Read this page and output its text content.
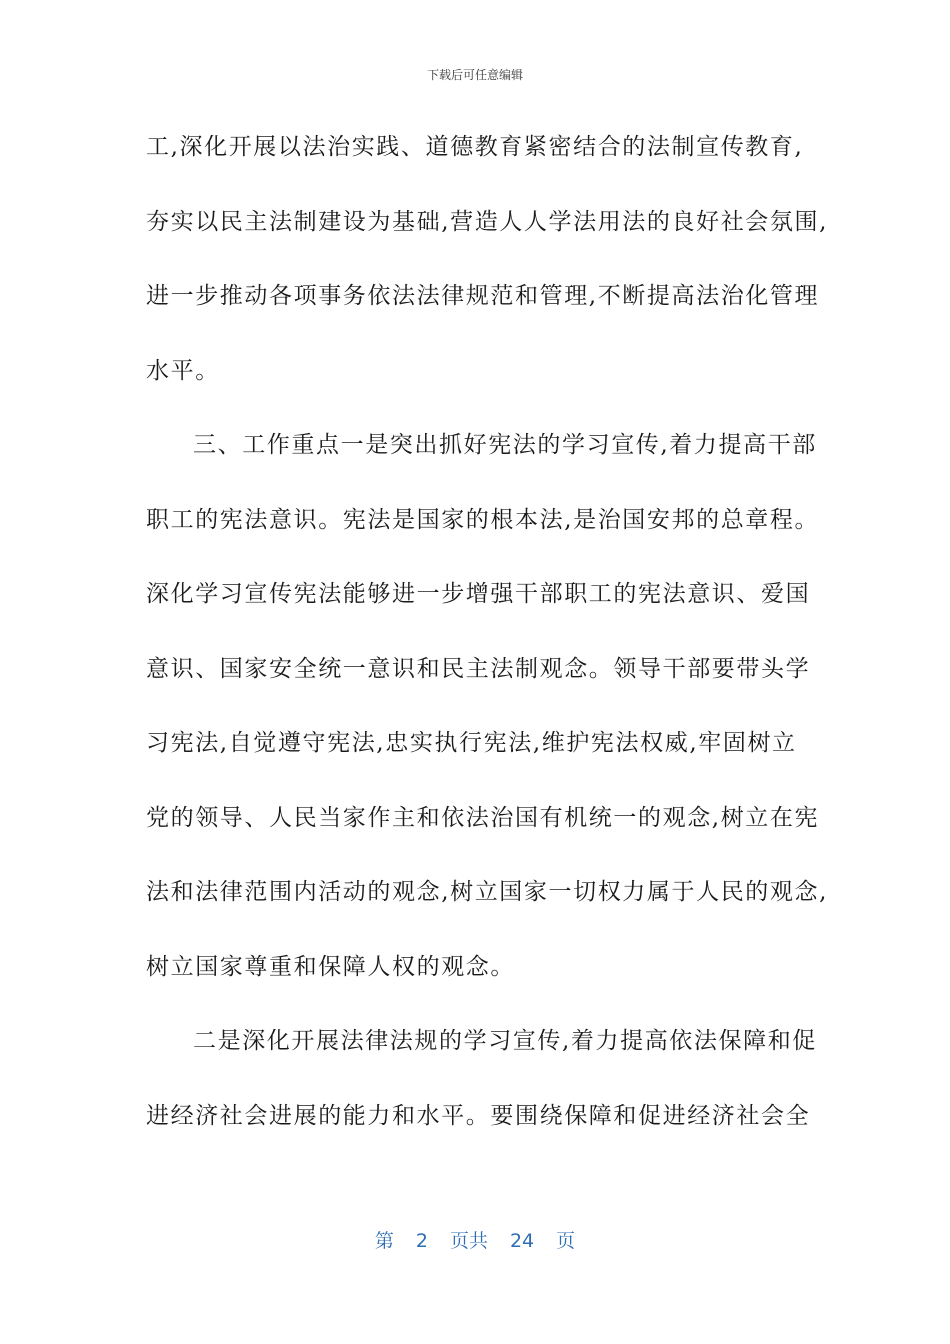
下载后可任意编辑
工,深化开展以法治实践、道德教育紧密结合的法制宣传教育,
夯实以民主法制建设为基础,营造人人学法用法的良好社会氛围,
进一步推动各项事务依法法律规范和管理,不断提高法治化管理
水平。
三、工作重点一是突出抓好宪法的学习宣传,着力提高干部
职工的宪法意识。宪法是国家的根本法,是治国安邦的总章程。
深化学习宣传宪法能够进一步增强干部职工的宪法意识、爱国
意识、国家安全统一意识和民主法制观念。领导干部要带头学
习宪法,自觉遵守宪法,忠实执行宪法,维护宪法权威,牢固树立
党的领导、人民当家作主和依法治国有机统一的观念,树立在宪
法和法律范围内活动的观念,树立国家一切权力属于人民的观念,
树立国家尊重和保障人权的观念。
二是深化开展法律法规的学习宣传,着力提高依法保障和促
进经济社会进展的能力和水平。要围绕保障和促进经济社会全
第 2 页共 24 页
